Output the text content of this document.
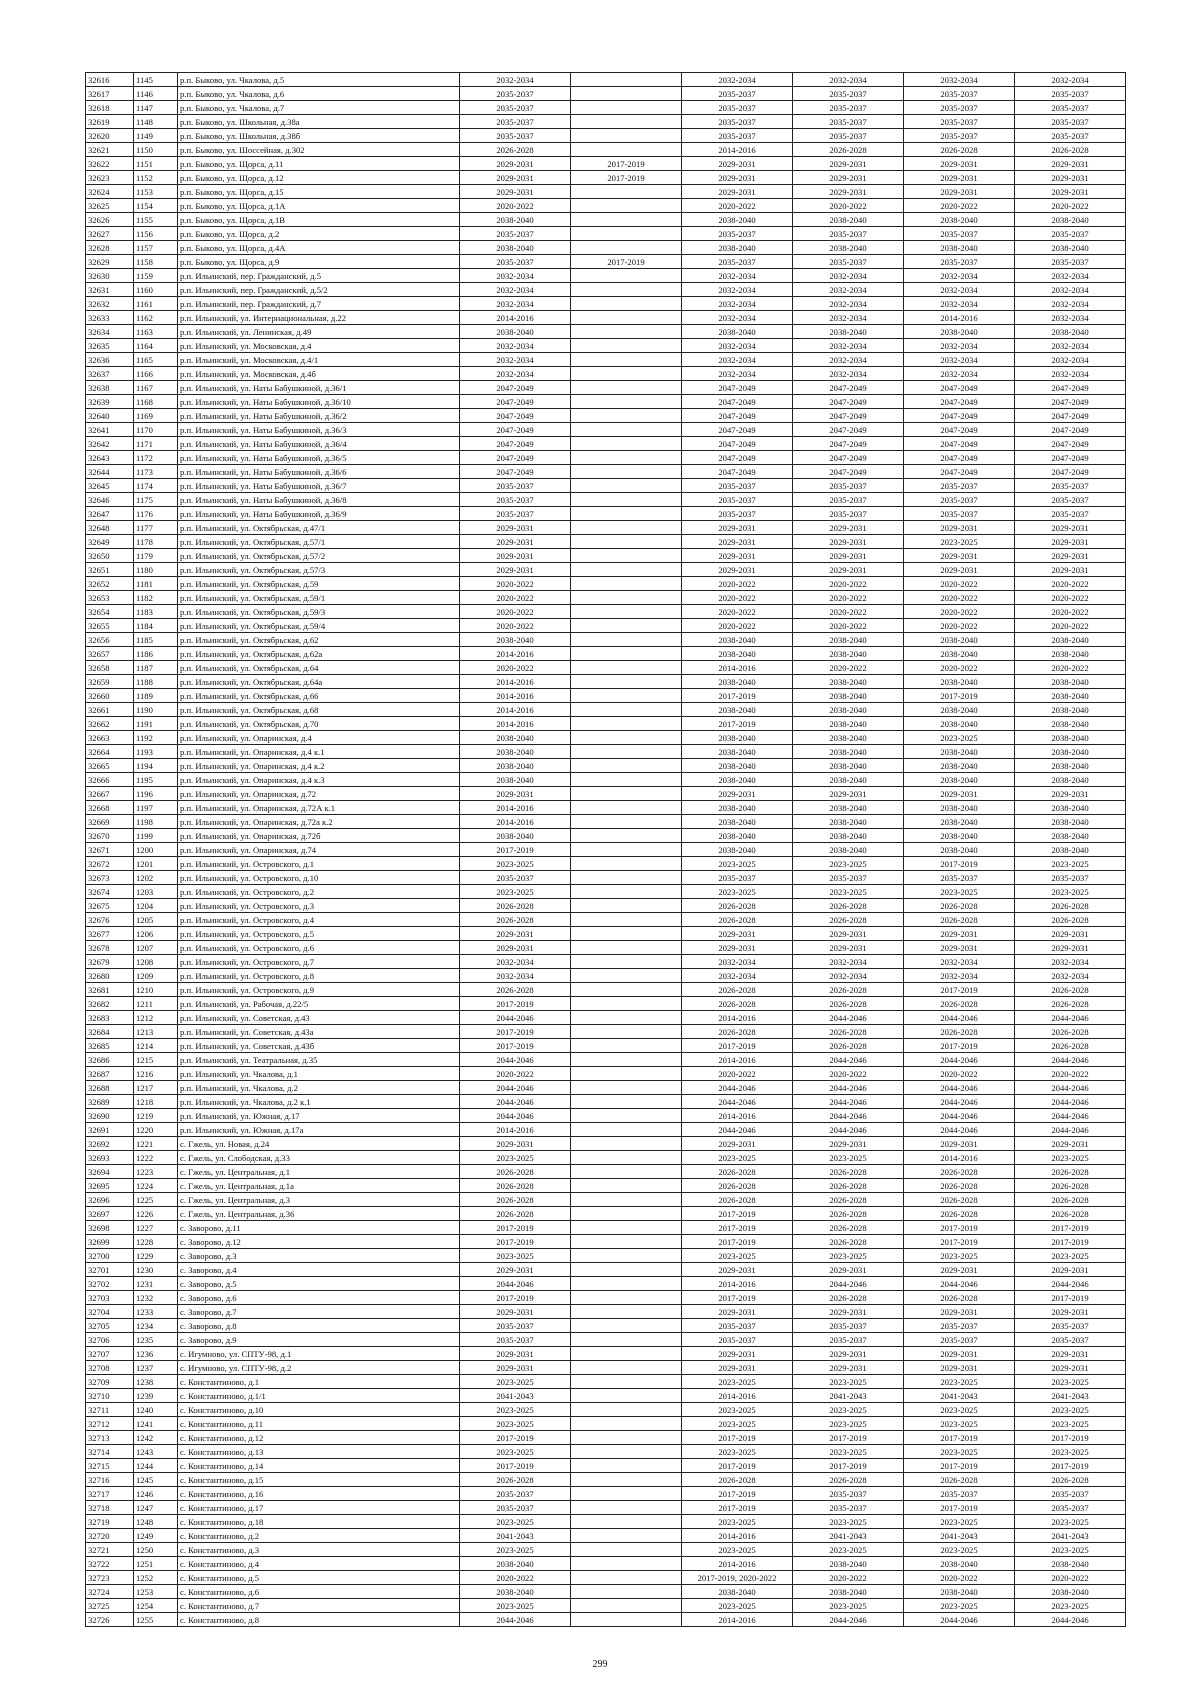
32616	1145	р.п. Быково, ул. Чкалова, д.5	2032-2034		2032-2034	2032-2034	2032-2034	2032-2034
32617	1146	р.п. Быково, ул. Чкалова, д.6	2035-2037		2035-2037	2035-2037	2035-2037	2035-2037
32618	1147	р.п. Быково, ул. Чкалова, д.7	2035-2037		2035-2037	2035-2037	2035-2037	2035-2037
32619	1148	р.п. Быково, ул. Школьная, д.38а	2035-2037		2035-2037	2035-2037	2035-2037	2035-2037
32620	1149	р.п. Быково, ул. Школьная, д.38б	2035-2037		2035-2037	2035-2037	2035-2037	2035-2037
32621	1150	р.п. Быково, ул. Шоссейная, д.302	2026-2028		2014-2016	2026-2028	2026-2028	2026-2028
32622	1151	р.п. Быково, ул. Щорса, д.11	2029-2031	2017-2019	2029-2031	2029-2031	2029-2031	2029-2031
32623	1152	р.п. Быково, ул. Щорса, д.12	2029-2031	2017-2019	2029-2031	2029-2031	2029-2031	2029-2031
32624	1153	р.п. Быково, ул. Щорса, д.15	2029-2031		2029-2031	2029-2031	2029-2031	2029-2031
32625	1154	р.п. Быково, ул. Щорса, д.1А	2020-2022		2020-2022	2020-2022	2020-2022	2020-2022
32626	1155	р.п. Быково, ул. Щорса, д.1В	2038-2040		2038-2040	2038-2040	2038-2040	2038-2040
32627	1156	р.п. Быково, ул. Щорса, д.2	2035-2037		2035-2037	2035-2037	2035-2037	2035-2037
32628	1157	р.п. Быково, ул. Щорса, д.4А	2038-2040		2038-2040	2038-2040	2038-2040	2038-2040
32629	1158	р.п. Быково, ул. Щорса, д.9	2035-2037	2017-2019	2035-2037	2035-2037	2035-2037	2035-2037
32630	1159	р.п. Ильинский, пер. Гражданский, д.5	2032-2034		2032-2034	2032-2034	2032-2034	2032-2034
32631	1160	р.п. Ильинский, пер. Гражданский, д.5/2	2032-2034		2032-2034	2032-2034	2032-2034	2032-2034
32632	1161	р.п. Ильинский, пер. Гражданский, д.7	2032-2034		2032-2034	2032-2034	2032-2034	2032-2034
32633	1162	р.п. Ильинский, ул. Интернациональная, д.22	2014-2016		2032-2034	2032-2034	2014-2016	2032-2034
32634	1163	р.п. Ильинский, ул. Ленинская, д.49	2038-2040		2038-2040	2038-2040	2038-2040	2038-2040
32635	1164	р.п. Ильинский, ул. Московская, д.4	2032-2034		2032-2034	2032-2034	2032-2034	2032-2034
32636	1165	р.п. Ильинский, ул. Московская, д.4/1	2032-2034		2032-2034	2032-2034	2032-2034	2032-2034
32637	1166	р.п. Ильинский, ул. Московская, д.4б	2032-2034		2032-2034	2032-2034	2032-2034	2032-2034
32638	1167	р.п. Ильинский, ул. Наты Бабушкиной, д.36/1	2047-2049		2047-2049	2047-2049	2047-2049	2047-2049
32639	1168	р.п. Ильинский, ул. Наты Бабушкиной, д.36/10	2047-2049		2047-2049	2047-2049	2047-2049	2047-2049
32640	1169	р.п. Ильинский, ул. Наты Бабушкиной, д.36/2	2047-2049		2047-2049	2047-2049	2047-2049	2047-2049
32641	1170	р.п. Ильинский, ул. Наты Бабушкиной, д.36/3	2047-2049		2047-2049	2047-2049	2047-2049	2047-2049
32642	1171	р.п. Ильинский, ул. Наты Бабушкиной, д.36/4	2047-2049		2047-2049	2047-2049	2047-2049	2047-2049
32643	1172	р.п. Ильинский, ул. Наты Бабушкиной, д.36/5	2047-2049		2047-2049	2047-2049	2047-2049	2047-2049
32644	1173	р.п. Ильинский, ул. Наты Бабушкиной, д.36/6	2047-2049		2047-2049	2047-2049	2047-2049	2047-2049
32645	1174	р.п. Ильинский, ул. Наты Бабушкиной, д.36/7	2035-2037		2035-2037	2035-2037	2035-2037	2035-2037
32646	1175	р.п. Ильинский, ул. Наты Бабушкиной, д.36/8	2035-2037		2035-2037	2035-2037	2035-2037	2035-2037
32647	1176	р.п. Ильинский, ул. Наты Бабушкиной, д.36/9	2035-2037		2035-2037	2035-2037	2035-2037	2035-2037
32648	1177	р.п. Ильинский, ул. Октябрьская, д.47/1	2029-2031		2029-2031	2029-2031	2029-2031	2029-2031
32649	1178	р.п. Ильинский, ул. Октябрьская, д.57/1	2029-2031		2029-2031	2029-2031	2023-2025	2029-2031
32650	1179	р.п. Ильинский, ул. Октябрьская, д.57/2	2029-2031		2029-2031	2029-2031	2029-2031	2029-2031
32651	1180	р.п. Ильинский, ул. Октябрьская, д.57/3	2029-2031		2029-2031	2029-2031	2029-2031	2029-2031
32652	1181	р.п. Ильинский, ул. Октябрьская, д.59	2020-2022		2020-2022	2020-2022	2020-2022	2020-2022
32653	1182	р.п. Ильинский, ул. Октябрьская, д.59/1	2020-2022		2020-2022	2020-2022	2020-2022	2020-2022
32654	1183	р.п. Ильинский, ул. Октябрьская, д.59/3	2020-2022		2020-2022	2020-2022	2020-2022	2020-2022
32655	1184	р.п. Ильинский, ул. Октябрьская, д.59/4	2020-2022		2020-2022	2020-2022	2020-2022	2020-2022
32656	1185	р.п. Ильинский, ул. Октябрьская, д.62	2038-2040		2038-2040	2038-2040	2038-2040	2038-2040
32657	1186	р.п. Ильинский, ул. Октябрьская, д.62а	2014-2016		2038-2040	2038-2040	2038-2040	2038-2040
32658	1187	р.п. Ильинский, ул. Октябрьская, д.64	2020-2022		2014-2016	2020-2022	2020-2022	2020-2022
32659	1188	р.п. Ильинский, ул. Октябрьская, д.64а	2014-2016		2038-2040	2038-2040	2038-2040	2038-2040
32660	1189	р.п. Ильинский, ул. Октябрьская, д.66	2014-2016		2017-2019	2038-2040	2017-2019	2038-2040
32661	1190	р.п. Ильинский, ул. Октябрьская, д.68	2014-2016		2038-2040	2038-2040	2038-2040	2038-2040
32662	1191	р.п. Ильинский, ул. Октябрьская, д.70	2014-2016		2017-2019	2038-2040	2038-2040	2038-2040
32663	1192	р.п. Ильинский, ул. Опаринская, д.4	2038-2040		2038-2040	2038-2040	2023-2025	2038-2040
32664	1193	р.п. Ильинский, ул. Опаринская, д.4 к.1	2038-2040		2038-2040	2038-2040	2038-2040	2038-2040
32665	1194	р.п. Ильинский, ул. Опаринская, д.4 к.2	2038-2040		2038-2040	2038-2040	2038-2040	2038-2040
32666	1195	р.п. Ильинский, ул. Опаринская, д.4 к.3	2038-2040		2038-2040	2038-2040	2038-2040	2038-2040
32667	1196	р.п. Ильинский, ул. Опаринская, д.72	2029-2031		2029-2031	2029-2031	2029-2031	2029-2031
32668	1197	р.п. Ильинский, ул. Опаринская, д.72А к.1	2014-2016		2038-2040	2038-2040	2038-2040	2038-2040
32669	1198	р.п. Ильинский, ул. Опаринская, д.72а к.2	2014-2016		2038-2040	2038-2040	2038-2040	2038-2040
32670	1199	р.п. Ильинский, ул. Опаринская, д.72б	2038-2040		2038-2040	2038-2040	2038-2040	2038-2040
32671	1200	р.п. Ильинский, ул. Опаринская, д.74	2017-2019		2038-2040	2038-2040	2038-2040	2038-2040
32672	1201	р.п. Ильинский, ул. Островского, д.1	2023-2025		2023-2025	2023-2025	2017-2019	2023-2025
32673	1202	р.п. Ильинский, ул. Островского, д.10	2035-2037		2035-2037	2035-2037	2035-2037	2035-2037
32674	1203	р.п. Ильинский, ул. Островского, д.2	2023-2025		2023-2025	2023-2025	2023-2025	2023-2025
32675	1204	р.п. Ильинский, ул. Островского, д.3	2026-2028		2026-2028	2026-2028	2026-2028	2026-2028
32676	1205	р.п. Ильинский, ул. Островского, д.4	2026-2028		2026-2028	2026-2028	2026-2028	2026-2028
32677	1206	р.п. Ильинский, ул. Островского, д.5	2029-2031		2029-2031	2029-2031	2029-2031	2029-2031
32678	1207	р.п. Ильинский, ул. Островского, д.6	2029-2031		2029-2031	2029-2031	2029-2031	2029-2031
32679	1208	р.п. Ильинский, ул. Островского, д.7	2032-2034		2032-2034	2032-2034	2032-2034	2032-2034
32680	1209	р.п. Ильинский, ул. Островского, д.8	2032-2034		2032-2034	2032-2034	2032-2034	2032-2034
32681	1210	р.п. Ильинский, ул. Островского, д.9	2026-2028		2026-2028	2026-2028	2017-2019	2026-2028
32682	1211	р.п. Ильинский, ул. Рабочая, д.22/5	2017-2019		2026-2028	2026-2028	2026-2028	2026-2028
32683	1212	р.п. Ильинский, ул. Советская, д.43	2044-2046		2014-2016	2044-2046	2044-2046	2044-2046
32684	1213	р.п. Ильинский, ул. Советская, д.43а	2017-2019		2026-2028	2026-2028	2026-2028	2026-2028
32685	1214	р.п. Ильинский, ул. Советская, д.43б	2017-2019		2017-2019	2026-2028	2017-2019	2026-2028
32686	1215	р.п. Ильинский, ул. Театральная, д.35	2044-2046		2014-2016	2044-2046	2044-2046	2044-2046
32687	1216	р.п. Ильинский, ул. Чкалова, д.1	2020-2022		2020-2022	2020-2022	2020-2022	2020-2022
32688	1217	р.п. Ильинский, ул. Чкалова, д.2	2044-2046		2044-2046	2044-2046	2044-2046	2044-2046
32689	1218	р.п. Ильинский, ул. Чкалова, д.2 к.1	2044-2046		2044-2046	2044-2046	2044-2046	2044-2046
32690	1219	р.п. Ильинский, ул. Южная, д.17	2044-2046		2014-2016	2044-2046	2044-2046	2044-2046
32691	1220	р.п. Ильинский, ул. Южная, д.17а	2014-2016		2044-2046	2044-2046	2044-2046	2044-2046
32692	1221	с. Гжель, ул. Новая, д.24	2029-2031		2029-2031	2029-2031	2029-2031	2029-2031
32693	1222	с. Гжель, ул. Слободская, д.33	2023-2025		2023-2025	2023-2025	2014-2016	2023-2025
32694	1223	с. Гжель, ул. Центральная, д.1	2026-2028		2026-2028	2026-2028	2026-2028	2026-2028
32695	1224	с. Гжель, ул. Центральная, д.1а	2026-2028		2026-2028	2026-2028	2026-2028	2026-2028
32696	1225	с. Гжель, ул. Центральная, д.3	2026-2028		2026-2028	2026-2028	2026-2028	2026-2028
32697	1226	с. Гжель, ул. Центральная, д.36	2026-2028		2017-2019	2026-2028	2026-2028	2026-2028
32698	1227	с. Заворово, д.11	2017-2019		2017-2019	2026-2028	2017-2019	2017-2019
32699	1228	с. Заворово, д.12	2017-2019		2017-2019	2026-2028	2017-2019	2017-2019
32700	1229	с. Заворово, д.3	2023-2025		2023-2025	2023-2025	2023-2025	2023-2025
32701	1230	с. Заворово, д.4	2029-2031		2029-2031	2029-2031	2029-2031	2029-2031
32702	1231	с. Заворово, д.5	2044-2046		2014-2016	2044-2046	2044-2046	2044-2046
32703	1232	с. Заворово, д.6	2017-2019		2017-2019	2026-2028	2026-2028	2017-2019
32704	1233	с. Заворово, д.7	2029-2031		2029-2031	2029-2031	2029-2031	2029-2031
32705	1234	с. Заворово, д.8	2035-2037		2035-2037	2035-2037	2035-2037	2035-2037
32706	1235	с. Заворово, д.9	2035-2037		2035-2037	2035-2037	2035-2037	2035-2037
32707	1236	с. Игумново, ул. СПТУ-98, д.1	2029-2031		2029-2031	2029-2031	2029-2031	2029-2031
32708	1237	с. Игумново, ул. СПТУ-98, д.2	2029-2031		2029-2031	2029-2031	2029-2031	2029-2031
32709	1238	с. Константиново, д.1	2023-2025		2023-2025	2023-2025	2023-2025	2023-2025
32710	1239	с. Константиново, д.1/1	2041-2043		2014-2016	2041-2043	2041-2043	2041-2043
32711	1240	с. Константиново, д.10	2023-2025		2023-2025	2023-2025	2023-2025	2023-2025
32712	1241	с. Константиново, д.11	2023-2025		2023-2025	2023-2025	2023-2025	2023-2025
32713	1242	с. Константиново, д.12	2017-2019		2017-2019	2017-2019	2017-2019	2017-2019
32714	1243	с. Константиново, д.13	2023-2025		2023-2025	2023-2025	2023-2025	2023-2025
32715	1244	с. Константиново, д.14	2017-2019		2017-2019	2017-2019	2017-2019	2017-2019
32716	1245	с. Константиново, д.15	2026-2028		2026-2028	2026-2028	2026-2028	2026-2028
32717	1246	с. Константиново, д.16	2035-2037		2017-2019	2035-2037	2035-2037	2035-2037
32718	1247	с. Константиново, д.17	2035-2037		2017-2019	2035-2037	2017-2019	2035-2037
32719	1248	с. Константиново, д.18	2023-2025		2023-2025	2023-2025	2023-2025	2023-2025
32720	1249	с. Константиново, д.2	2041-2043		2014-2016	2041-2043	2041-2043	2041-2043
32721	1250	с. Константиново, д.3	2023-2025		2023-2025	2023-2025	2023-2025	2023-2025
32722	1251	с. Константиново, д.4	2038-2040		2014-2016	2038-2040	2038-2040	2038-2040
32723	1252	с. Константиново, д.5	2020-2022		2017-2019, 2020-2022	2020-2022	2020-2022	2020-2022
32724	1253	с. Константиново, д.6	2038-2040		2038-2040	2038-2040	2038-2040	2038-2040
32725	1254	с. Константиново, д.7	2023-2025		2023-2025	2023-2025	2023-2025	2023-2025
32726	1255	с. Константиново, д.8	2044-2046		2014-2016	2044-2046	2044-2046	2044-2046
299
